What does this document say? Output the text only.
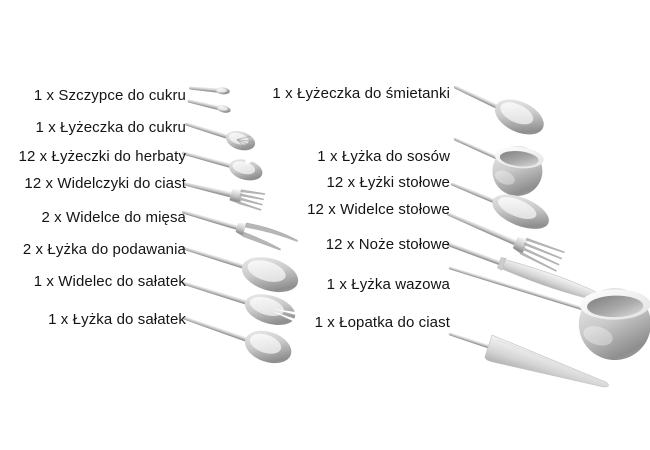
1 x Szczypce do cukru
1 x Łyżeczka do cukru
12 x Łyżeczki do herbaty
12 x Widelczyki do ciast
2 x Widelce do mięsa
2 x Łyżka do podawania
1 x Widelec do sałatek
1 x Łyżka do sałatek
1 x Łyżeczka do śmietanki
1 x Łyżka do sosów
12 x Łyżki stołowe
12 x Widelce stołowe
12 x Noże stołowe
1 x Łyżka wazowa
1 x Łopatka do ciast
